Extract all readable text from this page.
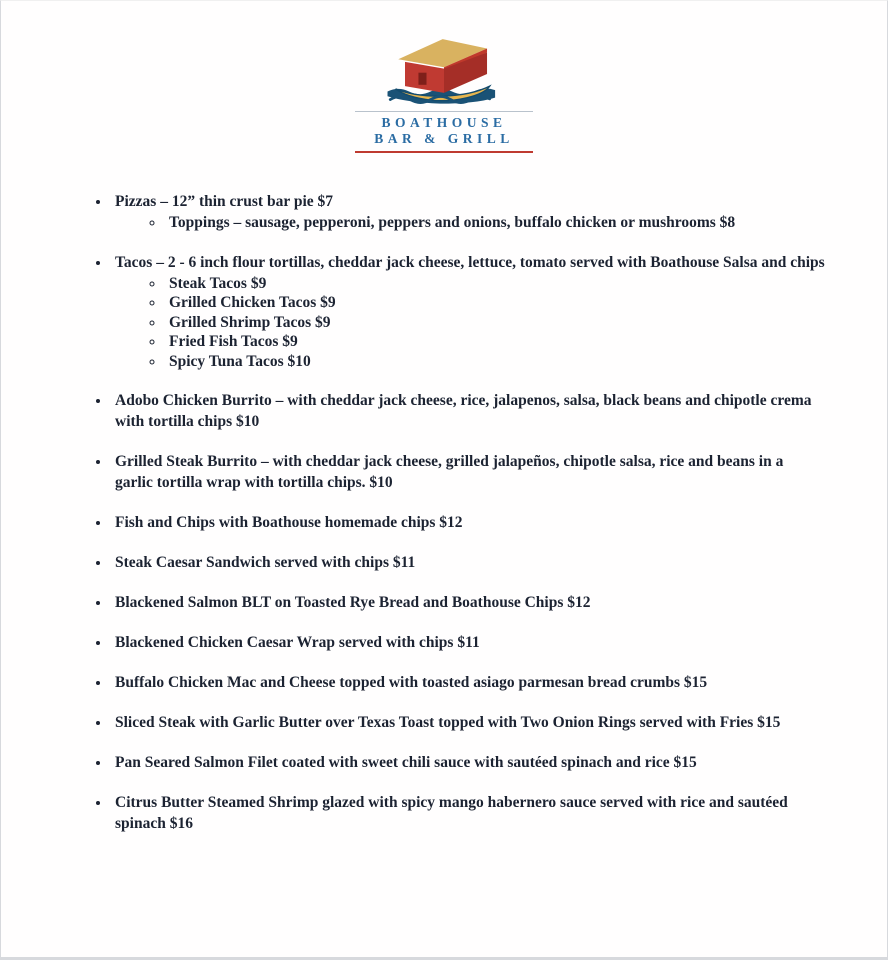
BOATHOUSE
BAR & GRILL
• Pizzas – 12” thin crust bar pie $7
◦ Toppings – sausage, pepperoni, peppers and onions, buffalo chicken or mushrooms $8
• Tacos – 2 - 6 inch flour tortillas, cheddar jack cheese, lettuce, tomato served with Boathouse Salsa and chips
◦ Steak Tacos $9
◦ Grilled Chicken Tacos $9
◦ Grilled Shrimp Tacos $9
◦ Fried Fish Tacos $9
◦ Spicy Tuna Tacos $10
• Adobo Chicken Burrito – with cheddar jack cheese, rice, jalapenos, salsa, black beans and chipotle crema with tortilla chips $10
• Grilled Steak Burrito – with cheddar jack cheese, grilled jalapeños, chipotle salsa, rice and beans in a garlic tortilla wrap with tortilla chips. $10
• Fish and Chips with Boathouse homemade chips $12
• Steak Caesar Sandwich served with chips $11
• Blackened Salmon BLT on Toasted Rye Bread and Boathouse Chips $12
• Blackened Chicken Caesar Wrap served with chips $11
• Buffalo Chicken Mac and Cheese topped with toasted asiago parmesan bread crumbs $15
• Sliced Steak with Garlic Butter over Texas Toast topped with Two Onion Rings served with Fries $15
• Pan Seared Salmon Filet coated with sweet chili sauce with sautéed spinach and rice $15
• Citrus Butter Steamed Shrimp glazed with spicy mango habernero sauce served with rice and sautéed spinach $16
